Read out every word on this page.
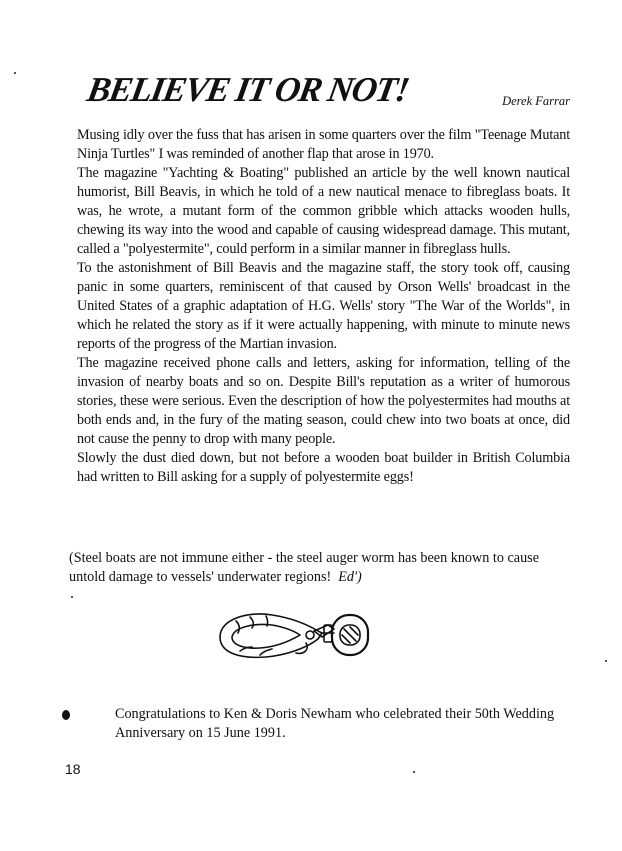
BELIEVE IT OR NOT!	Derek Farrar

Musing idly over the fuss that has arisen in some quarters over the film "Teenage Mutant Ninja Turtles" I was reminded of another flap that arose in 1970.

The magazine "Yachting & Boating" published an article by the well known nautical humorist, Bill Beavis, in which he told of a new nautical menace to fibreglass boats. It was, he wrote, a mutant form of the common gribble which attacks wooden hulls, chewing its way into the wood and capable of causing widespread damage. This mutant, called a "polyestermite", could perform in a similar manner in fibreglass hulls.

To the astonishment of Bill Beavis and the magazine staff, the story took off, causing panic in some quarters, reminiscent of that caused by Orson Wells' broadcast in the United States of a graphic adaptation of H.G. Wells' story "The War of the Worlds", in which he related the story as if it were actually happening, with minute to minute news reports of the progress of the Martian invasion.

The magazine received phone calls and letters, asking for information, telling of the invasion of nearby boats and so on. Despite Bill's reputation as a writer of humorous stories, these were serious. Even the description of how the polyestermites had mouths at both ends and, in the fury of the mating season, could chew into two boats at once, did not cause the penny to drop with many people.

Slowly the dust died down, but not before a wooden boat builder in British Columbia had written to Bill asking for a supply of polyestermite eggs!

(Steel boats are not immune either - the steel auger worm has been known to cause untold damage to vessels' underwater regions! Ed')
Congratulations to Ken & Doris Newham who celebrated their 50th Wedding Anniversary on 15 June 1991.
18
